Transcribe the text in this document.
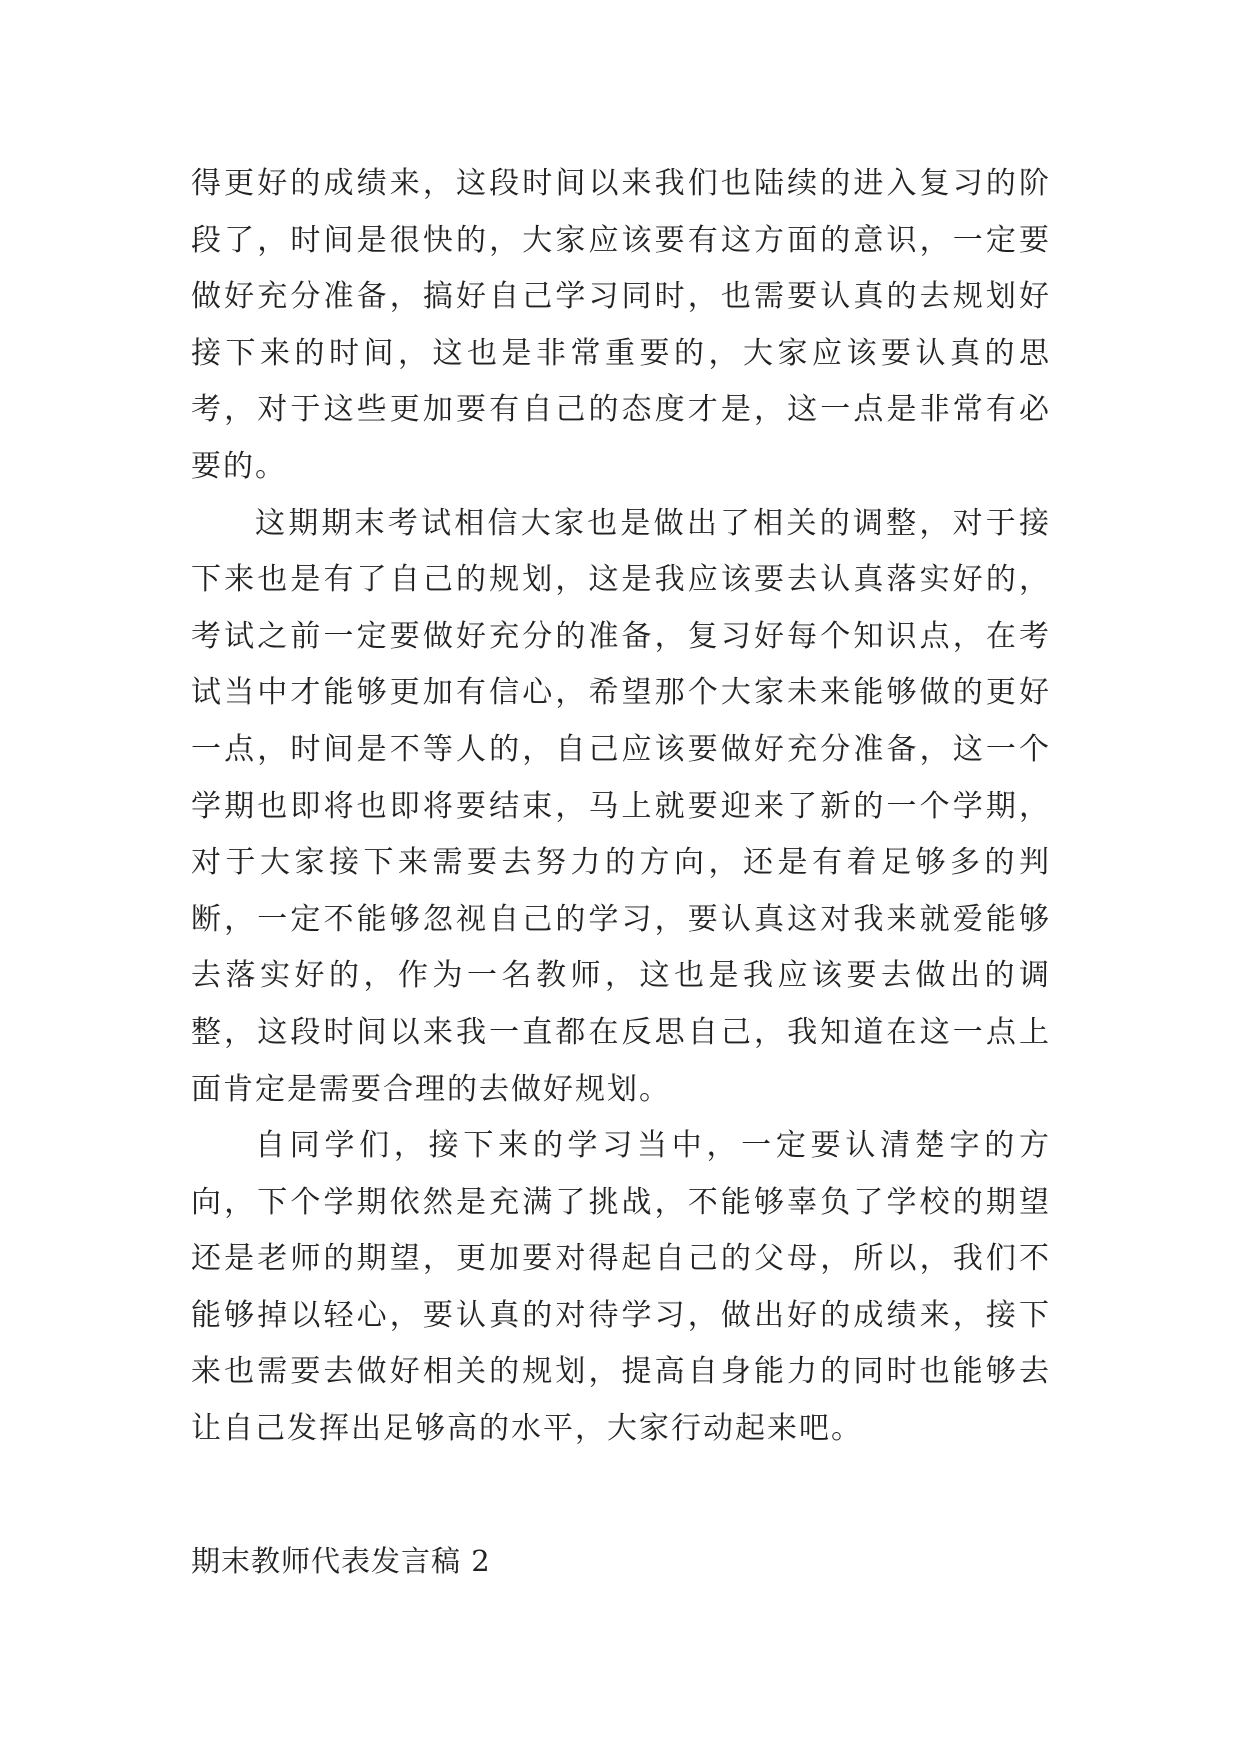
得更好的成绩来，这段时间以来我们也陆续的进入复习的阶段了，时间是很快的，大家应该要有这方面的意识，一定要做好充分准备，搞好自己学习同时，也需要认真的去规划好接下来的时间，这也是非常重要的，大家应该要认真的思考，对于这些更加要有自己的态度才是，这一点是非常有必要的。

这期期末考试相信大家也是做出了相关的调整，对于接下来也是有了自己的规划，这是我应该要去认真落实好的，考试之前一定要做好充分的准备，复习好每个知识点，在考试当中才能够更加有信心，希望那个大家未来能够做的更好一点，时间是不等人的，自己应该要做好充分准备，这一个学期也即将也即将要结束，马上就要迎来了新的一个学期，对于大家接下来需要去努力的方向，还是有着足够多的判断，一定不能够忽视自己的学习，要认真这对我来就爱能够去落实好的，作为一名教师，这也是我应该要去做出的调整，这段时间以来我一直都在反思自己，我知道在这一点上面肯定是需要合理的去做好规划。

自同学们，接下来的学习当中，一定要认清楚字的方向，下个学期依然是充满了挑战，不能够辜负了学校的期望还是老师的期望，更加要对得起自己的父母，所以，我们不能够掉以轻心，要认真的对待学习，做出好的成绩来，接下来也需要去做好相关的规划，提高自身能力的同时也能够去让自己发挥出足够高的水平，大家行动起来吧。

期末教师代表发言稿 2
